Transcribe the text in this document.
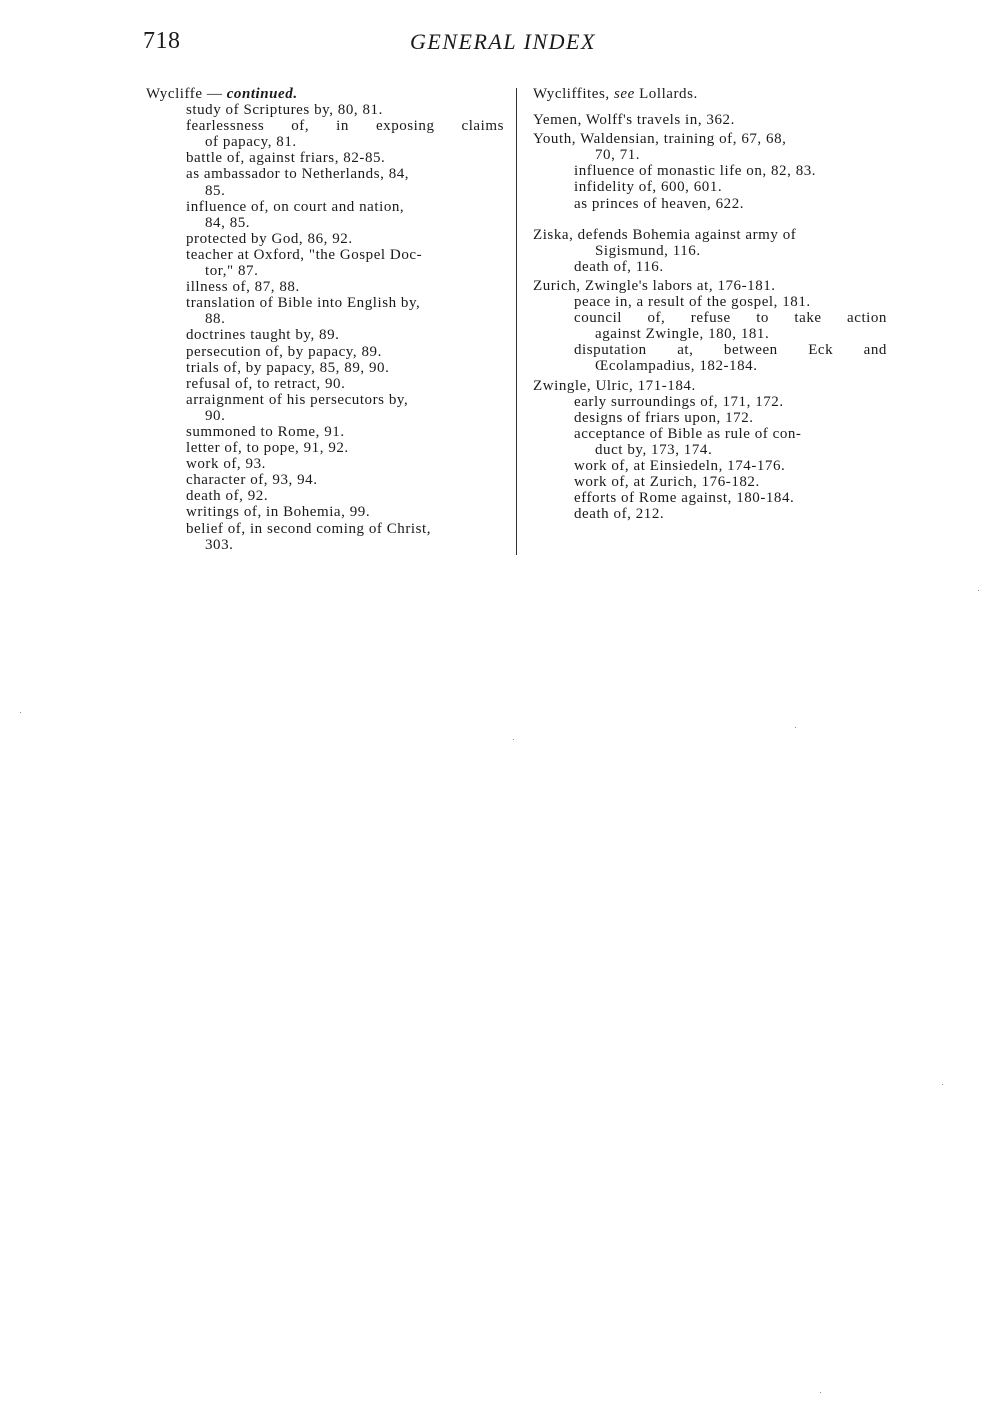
718	GENERAL INDEX
Wycliffe — continued.
study of Scriptures by, 80, 81.
fearlessness of, in exposing claims
of papacy, 81.
battle of, against friars, 82-85.
as ambassador to Netherlands, 84,
85.
influence of, on court and nation,
84, 85.
protected by God, 86, 92.
teacher at Oxford, "the Gospel Doc-
tor," 87.
illness of, 87, 88.
translation of Bible into English by,
88.
doctrines taught by, 89.
persecution of, by papacy, 89.
trials of, by papacy, 85, 89, 90.
refusal of, to retract, 90.
arraignment of his persecutors by,
90.
summoned to Rome, 91.
letter of, to pope, 91, 92.
work of, 93.
character of, 93, 94.
death of, 92.
writings of, in Bohemia, 99.
belief of, in second coming of Christ,
303.
Wycliffites, see Lollards.
Yemen, Wolff's travels in, 362.
Youth, Waldensian, training of, 67, 68,
70, 71.
influence of monastic life on, 82, 83.
infidelity of, 600, 601.
as princes of heaven, 622.
Ziska, defends Bohemia against army of
Sigismund, 116.
death of, 116.
Zurich, Zwingle's labors at, 176-181.
peace in, a result of the gospel, 181.
council of, refuse to take action
against Zwingle, 180, 181.
disputation at, between Eck and
Œcolampadius, 182-184.
Zwingle, Ulric, 171-184.
early surroundings of, 171, 172.
designs of friars upon, 172.
acceptance of Bible as rule of con-
duct by, 173, 174.
work of, at Einsiedeln, 174-176.
work of, at Zurich, 176-182.
efforts of Rome against, 180-184.
death of, 212.
